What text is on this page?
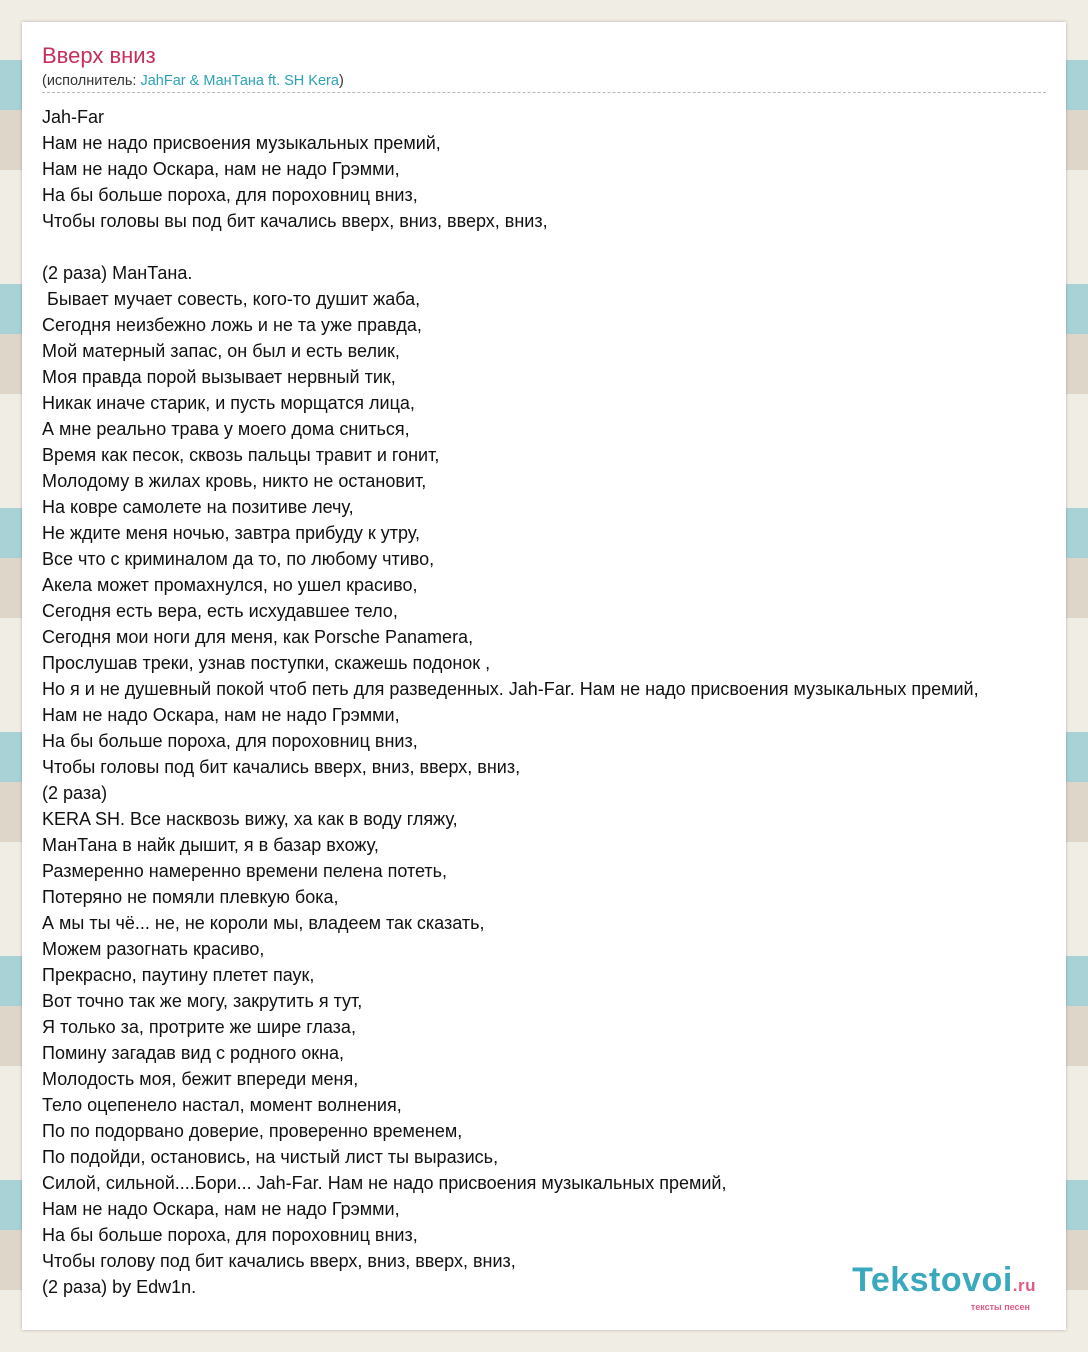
Вверх вниз
(исполнитель: JahFar & МанТана ft. SH Kera)
Jah-Far
Нам не надо присвоения музыкальных премий,
Нам не надо Оскара, нам не надо Грэмми,
На бы больше пороха, для пороховниц вниз,
Чтобы головы вы под бит качались вверх, вниз, вверх, вниз,
(2 раза) МанТана.
Бывает мучает совесть, кого-то душит жаба,
Сегодня неизбежно ложь и не та уже правда,
Мой матерный запас, он был и есть велик,
Моя правда порой вызывает нервный тик,
Никак иначе старик, и пусть морщатся лица,
А мне реально трава у моего дома сниться,
Время как песок, сквозь пальцы травит и гонит,
Молодому в жилах кровь, никто не остановит,
На ковре самолете на позитиве лечу,
Не ждите меня ночью, завтра прибуду к утру,
Все что с криминалом да то, по любому чтиво,
Акела может промахнулся, но ушел красиво,
Сегодня есть вера, есть исхудавшее тело,
Сегодня мои ноги для меня, как Porsche Panamera,
Прослушав треки, узнав поступки, скажешь подонок ,
Но я и не душевный покой чтоб петь для разведенных. Jah-Far. Нам не надо присвоения музыкальных премий,
Нам не надо Оскара, нам не надо Грэмми,
На бы больше пороха, для пороховниц вниз,
Чтобы головы под бит качались вверх, вниз, вверх, вниз,
(2 раза)
KERA SH. Все насквозь вижу, ха как в воду гляжу,
МанТана в найк дышит, я в базар вхожу,
Размеренно намеренно времени пелена потеть,
Потеряно не помяли плевкую бока,
А мы ты чё... не, не короли мы, владеем так сказать,
Можем разогнать красиво,
Прекрасно, паутину плетет паук,
Вот точно так же могу, закрутить я тут,
Я только за, протрите же шире глаза,
Помину загадав вид с родного окна,
Молодость моя, бежит впереди меня,
Тело оцепенело настал, момент волнения,
По по подорвано доверие, проверенно временем,
По подойди, остановись, на чистый лист ты выразись,
Силой, сильной....Бори... Jah-Far. Нам не надо присвоения музыкальных премий,
Нам не надо Оскара, нам не надо Грэмми,
На бы больше пороха, для пороховниц вниз,
Чтобы голову под бит качались вверх, вниз, вверх, вниз,
(2 раза) by Edw1n.	Tekstovoi.ru
тексты песен
